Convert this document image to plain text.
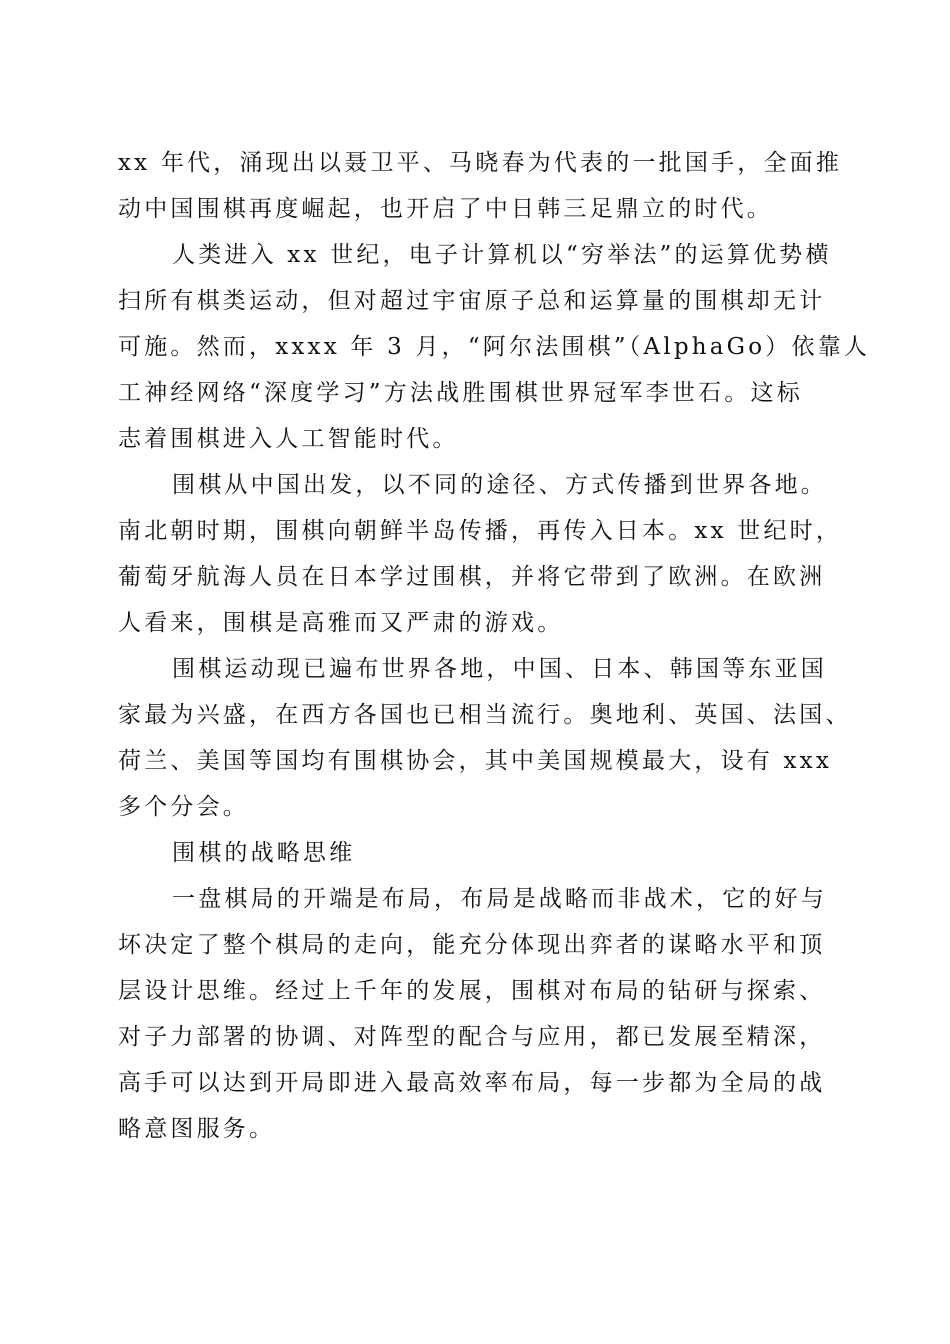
xx 年代，涌现出以聂卫平、马晓春为代表的一批国手，全面推
动中国围棋再度崛起，也开启了中日韩三足鼎立的时代。
人类进入 xx 世纪，电子计算机以“穷举法”的运算优势横
扫所有棋类运动，但对超过宇宙原子总和运算量的围棋却无计
可施。然而，xxxx 年 3 月，“阿尔法围棋”（AlphaGo）依靠人
工神经网络“深度学习”方法战胜围棋世界冠军李世石。这标
志着围棋进入人工智能时代。
围棋从中国出发，以不同的途径、方式传播到世界各地。
南北朝时期，围棋向朝鲜半岛传播，再传入日本。xx 世纪时，
葡萄牙航海人员在日本学过围棋，并将它带到了欧洲。在欧洲
人看来，围棋是高雅而又严肃的游戏。
围棋运动现已遍布世界各地，中国、日本、韩国等东亚国
家最为兴盛，在西方各国也已相当流行。奥地利、英国、法国、
荷兰、美国等国均有围棋协会，其中美国规模最大，设有 xxx
多个分会。
围棋的战略思维
一盘棋局的开端是布局，布局是战略而非战术，它的好与
坏决定了整个棋局的走向，能充分体现出弈者的谋略水平和顶
层设计思维。经过上千年的发展，围棋对布局的钻研与探索、
对子力部署的协调、对阵型的配合与应用，都已发展至精深，
高手可以达到开局即进入最高效率布局，每一步都为全局的战
略意图服务。
